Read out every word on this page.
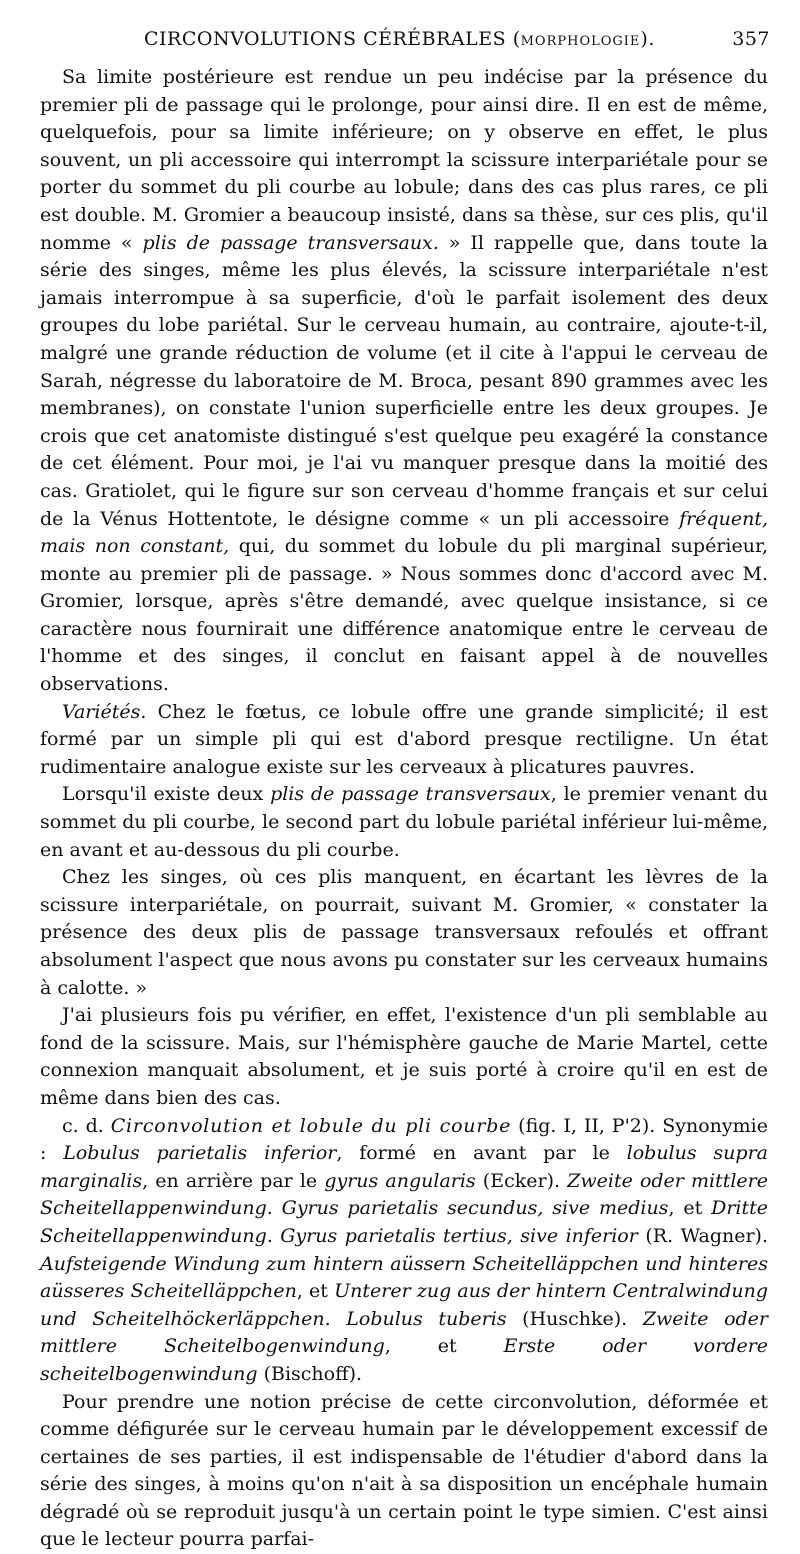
CIRCONVOLUTIONS CÉRÉBRALES (MORPHOLOGIE).	357

Sa limite postérieure est rendue un peu indécise par la présence du premier pli de passage qui le prolonge, pour ainsi dire. Il en est de même, quelquefois, pour sa limite inférieure; on y observe en effet, le plus souvent, un pli accessoire qui interrompt la scissure interpariétale pour se porter du sommet du pli courbe au lobule; dans des cas plus rares, ce pli est double. M. Gromier a beaucoup insisté, dans sa thèse, sur ces plis, qu'il nomme « plis de passage transversaux. » Il rappelle que, dans toute la série des singes, même les plus élevés, la scissure interpariétale n'est jamais interrompue à sa superficie, d'où le parfait isolement des deux groupes du lobe pariétal. Sur le cerveau humain, au contraire, ajoute-t-il, malgré une grande réduction de volume (et il cite à l'appui le cerveau de Sarah, négresse du laboratoire de M. Broca, pesant 890 grammes avec les membranes), on constate l'union superficielle entre les deux groupes. Je crois que cet anatomiste distingué s'est quelque peu exagéré la constance de cet élément. Pour moi, je l'ai vu manquer presque dans la moitié des cas. Gratiolet, qui le figure sur son cerveau d'homme français et sur celui de la Vénus Hottentote, le désigne comme « un pli accessoire fréquent, mais non constant, qui, du sommet du lobule du pli marginal supérieur, monte au premier pli de passage. » Nous sommes donc d'accord avec M. Gromier, lorsque, après s'être demandé, avec quelque insistance, si ce caractère nous fournirait une différence anatomique entre le cerveau de l'homme et des singes, il conclut en faisant appel à de nouvelles observations.

Variétés. Chez le fœtus, ce lobule offre une grande simplicité; il est formé par un simple pli qui est d'abord presque rectiligne. Un état rudimentaire analogue existe sur les cerveaux à plicatures pauvres.

Lorsqu'il existe deux plis de passage transversaux, le premier venant du sommet du pli courbe, le second part du lobule pariétal inférieur lui-même, en avant et au-dessous du pli courbe.

Chez les singes, où ces plis manquent, en écartant les lèvres de la scissure interpariétale, on pourrait, suivant M. Gromier, « constater la présence des deux plis de passage transversaux refoulés et offrant absolument l'aspect que nous avons pu constater sur les cerveaux humains à calotte. »

J'ai plusieurs fois pu vérifier, en effet, l'existence d'un pli semblable au fond de la scissure. Mais, sur l'hémisphère gauche de Marie Martel, cette connexion manquait absolument, et je suis porté à croire qu'il en est de même dans bien des cas.

c. d. Circonvolution et lobule du pli courbe (fig. I, II, P'2). Synonymie : Lobulus parietalis inferior, formé en avant par le lobulus supra marginalis, en arrière par le gyrus angularis (Ecker). Zweite oder mittlere Scheitellappenwindung. Gyrus parietalis secundus, sive medius, et Dritte Scheitellappenwindung. Gyrus parietalis tertius, sive inferior (R. Wagner). Aufsteigende Windung zum hintern aüssern Scheitelläppchen und hinteres aüsseres Scheitelläppchen, et Unterer zug aus der hintern Centralwindung und Scheitelhöckerläppchen. Lobulus tuberis (Huschke). Zweite oder mittlere Scheitelbogenwindung, et Erste oder vordere scheitelbogenwindung (Bischoff).

Pour prendre une notion précise de cette circonvolution, déformée et comme défigurée sur le cerveau humain par le développement excessif de certaines de ses parties, il est indispensable de l'étudier d'abord dans la série des singes, à moins qu'on n'ait à sa disposition un encéphale humain dégradé où se reproduit jusqu'à un certain point le type simien. C'est ainsi que le lecteur pourra parfai-
